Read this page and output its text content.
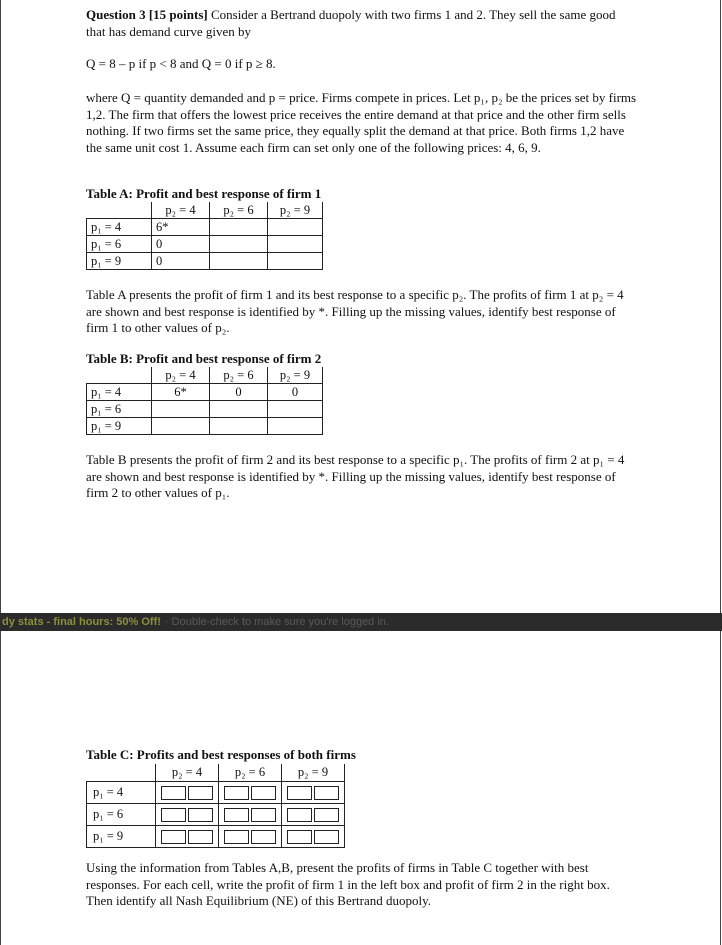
Question 3 [15 points] Consider a Bertrand duopoly with two firms 1 and 2. They sell the same good that has demand curve given by

Q = 8 – p if p < 8 and Q = 0 if p ≥ 8.

where Q = quantity demanded and p = price. Firms compete in prices. Let p₁, p₂ be the prices set by firms 1,2. The firm that offers the lowest price receives the entire demand at that price and the other firm sells nothing. If two firms set the same price, they equally split the demand at that price. Both firms 1,2 have the same unit cost 1. Assume each firm can set only one of the following prices: 4, 6, 9.

Table A: Profit and best response of firm 1

	p₂ = 4	p₂ = 6	p₂ = 9
p₁ = 4	6*		
p₁ = 6	0		
p₁ = 9	0		

Table A presents the profit of firm 1 and its best response to a specific p₂. The profits of firm 1 at p₂ = 4 are shown and best response is identified by *. Filling up the missing values, identify best response of firm 1 to other values of p₂.

Table B: Profit and best response of firm 2

	p₂ = 4	p₂ = 6	p₂ = 9
p₁ = 4	6*	0	0
p₁ = 6			
p₁ = 9			

Table B presents the profit of firm 2 and its best response to a specific p₁. The profits of firm 2 at p₁ = 4 are shown and best response is identified by *. Filling up the missing values, identify best response of firm 2 to other values of p₁.

dy stats - final hours: 50% Off! · Double-check to make sure you're logged in.

Table C: Profits and best responses of both firms

	p₂ = 4	p₂ = 6	p₂ = 9
p₁ = 4			
p₁ = 6			
p₁ = 9			

Using the information from Tables A,B, present the profits of firms in Table C together with best responses. For each cell, write the profit of firm 1 in the left box and profit of firm 2 in the right box. Then identify all Nash Equilibrium (NE) of this Bertrand duopoly.
